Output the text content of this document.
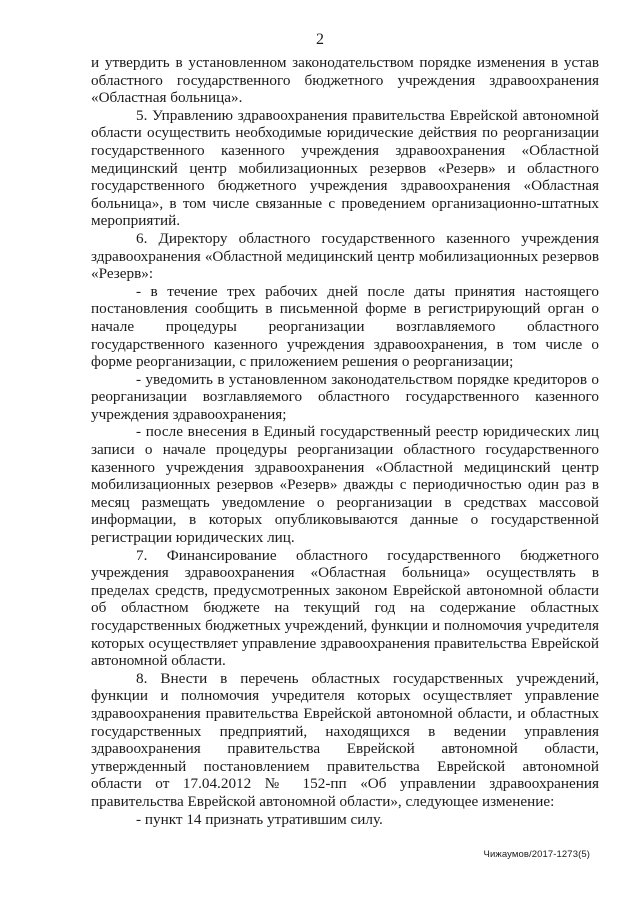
2

и утвердить в установленном законодательством порядке изменения в устав областного государственного бюджетного учреждения здравоохранения «Областная больница».

5. Управлению здравоохранения правительства Еврейской автономной области осуществить необходимые юридические действия по реорганизации государственного казенного учреждения здравоохранения «Областной медицинский центр мобилизационных резервов «Резерв» и областного государственного бюджетного учреждения здравоохранения «Областная больница», в том числе связанные с проведением организационно-штатных мероприятий.

6. Директору областного государственного казенного учреждения здравоохранения «Областной медицинский центр мобилизационных резервов «Резерв»:

- в течение трех рабочих дней после даты принятия настоящего постановления сообщить в письменной форме в регистрирующий орган о начале процедуры реорганизации возглавляемого областного государственного казенного учреждения здравоохранения, в том числе о форме реорганизации, с приложением решения о реорганизации;

- уведомить в установленном законодательством порядке кредиторов о реорганизации возглавляемого областного государственного казенного учреждения здравоохранения;

- после внесения в Единый государственный реестр юридических лиц записи о начале процедуры реорганизации областного государственного казенного учреждения здравоохранения «Областной медицинский центр мобилизационных резервов «Резерв» дважды с периодичностью один раз в месяц размещать уведомление о реорганизации в средствах массовой информации, в которых опубликовываются данные о государственной регистрации юридических лиц.

7. Финансирование областного государственного бюджетного учреждения здравоохранения «Областная больница» осуществлять в пределах средств, предусмотренных законом Еврейской автономной области об областном бюджете на текущий год на содержание областных государственных бюджетных учреждений, функции и полномочия учредителя которых осуществляет управление здравоохранения правительства Еврейской автономной области.

8. Внести в перечень областных государственных учреждений, функции и полномочия учредителя которых осуществляет управление здравоохранения правительства Еврейской автономной области, и областных государственных предприятий, находящихся в ведении управления здравоохранения правительства Еврейской автономной области, утвержденный постановлением правительства Еврейской автономной области от 17.04.2012 № 152-пп «Об управлении здравоохранения правительства Еврейской автономной области», следующее изменение:

- пункт 14 признать утратившим силу.

Чижаумов/2017-1273(5)
